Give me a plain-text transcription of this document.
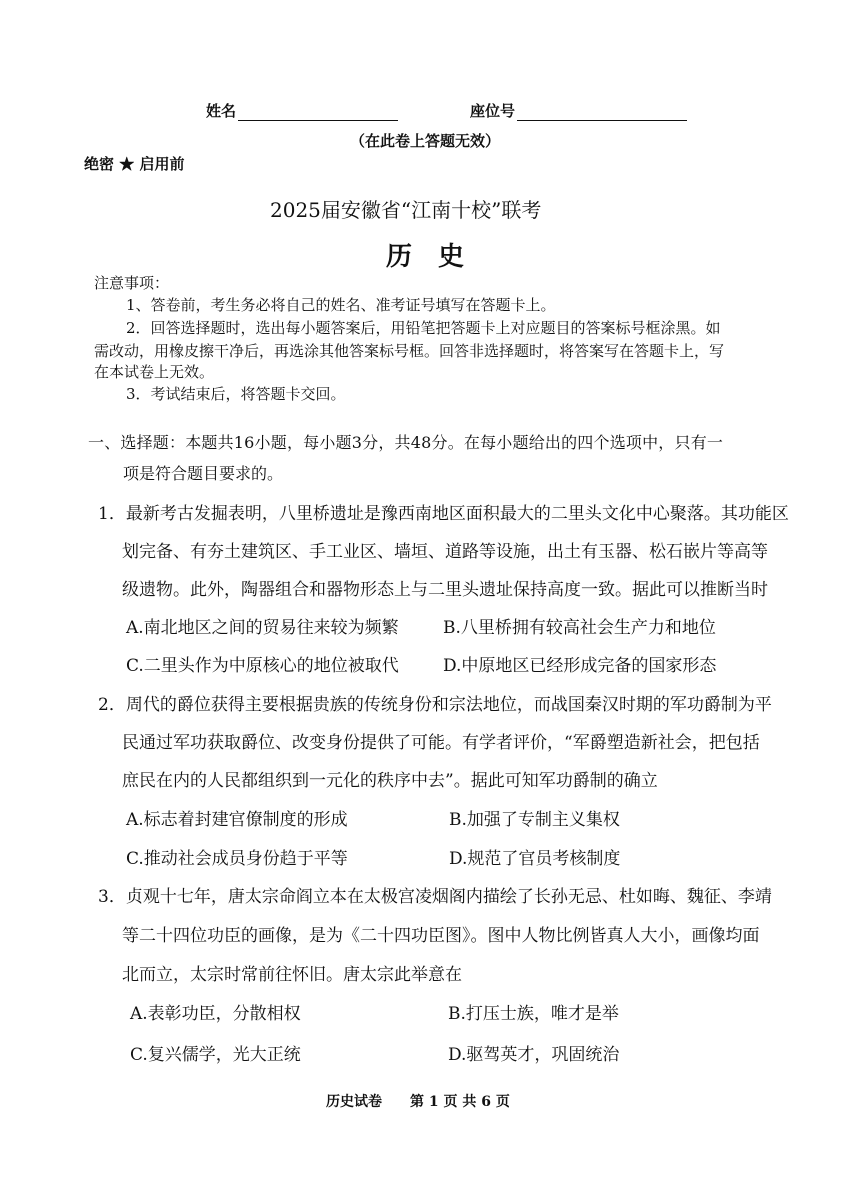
姓名	座位号
（在此卷上答题无效）
绝密 ★ 启用前
2025届安徽省“江南十校”联考
历　史
注意事项：
1、答卷前，考生务必将自己的姓名、准考证号填写在答题卡上。
2．回答选择题时，选出每小题答案后，用铅笔把答题卡上对应题目的答案标号框涂黑。如
需改动，用橡皮擦干净后，再选涂其他答案标号框。回答非选择题时，将答案写在答题卡上，写
在本试卷上无效。
3．考试结束后，将答题卡交回。
一、选择题：本题共16小题，每小题3分，共48分。在每小题给出的四个选项中，只有一
项是符合题目要求的。
1．最新考古发掘表明，八里桥遗址是豫西南地区面积最大的二里头文化中心聚落。其功能区
划完备、有夯土建筑区、手工业区、墙垣、道路等设施，出土有玉器、松石嵌片等高等
级遗物。此外，陶器组合和器物形态上与二里头遗址保持高度一致。据此可以推断当时
A.南北地区之间的贸易往来较为频繁	B.八里桥拥有较高社会生产力和地位
C.二里头作为中原核心的地位被取代	D.中原地区已经形成完备的国家形态
2．周代的爵位获得主要根据贵族的传统身份和宗法地位，而战国秦汉时期的军功爵制为平
民通过军功获取爵位、改变身份提供了可能。有学者评价，“军爵塑造新社会，把包括
庶民在内的人民都组织到一元化的秩序中去”。据此可知军功爵制的确立
A.标志着封建官僚制度的形成	B.加强了专制主义集权
C.推动社会成员身份趋于平等	D.规范了官员考核制度
3．贞观十七年，唐太宗命阎立本在太极宫凌烟阁内描绘了长孙无忌、杜如晦、魏征、李靖
等二十四位功臣的画像，是为《二十四功臣图》。图中人物比例皆真人大小，画像均面
北而立，太宗时常前往怀旧。唐太宗此举意在
A.表彰功臣，分散相权	B.打压士族，唯才是举
C.复兴儒学，光大正统	D.驱驾英才，巩固统治
历史试卷　　第 1 页 共 6 页
